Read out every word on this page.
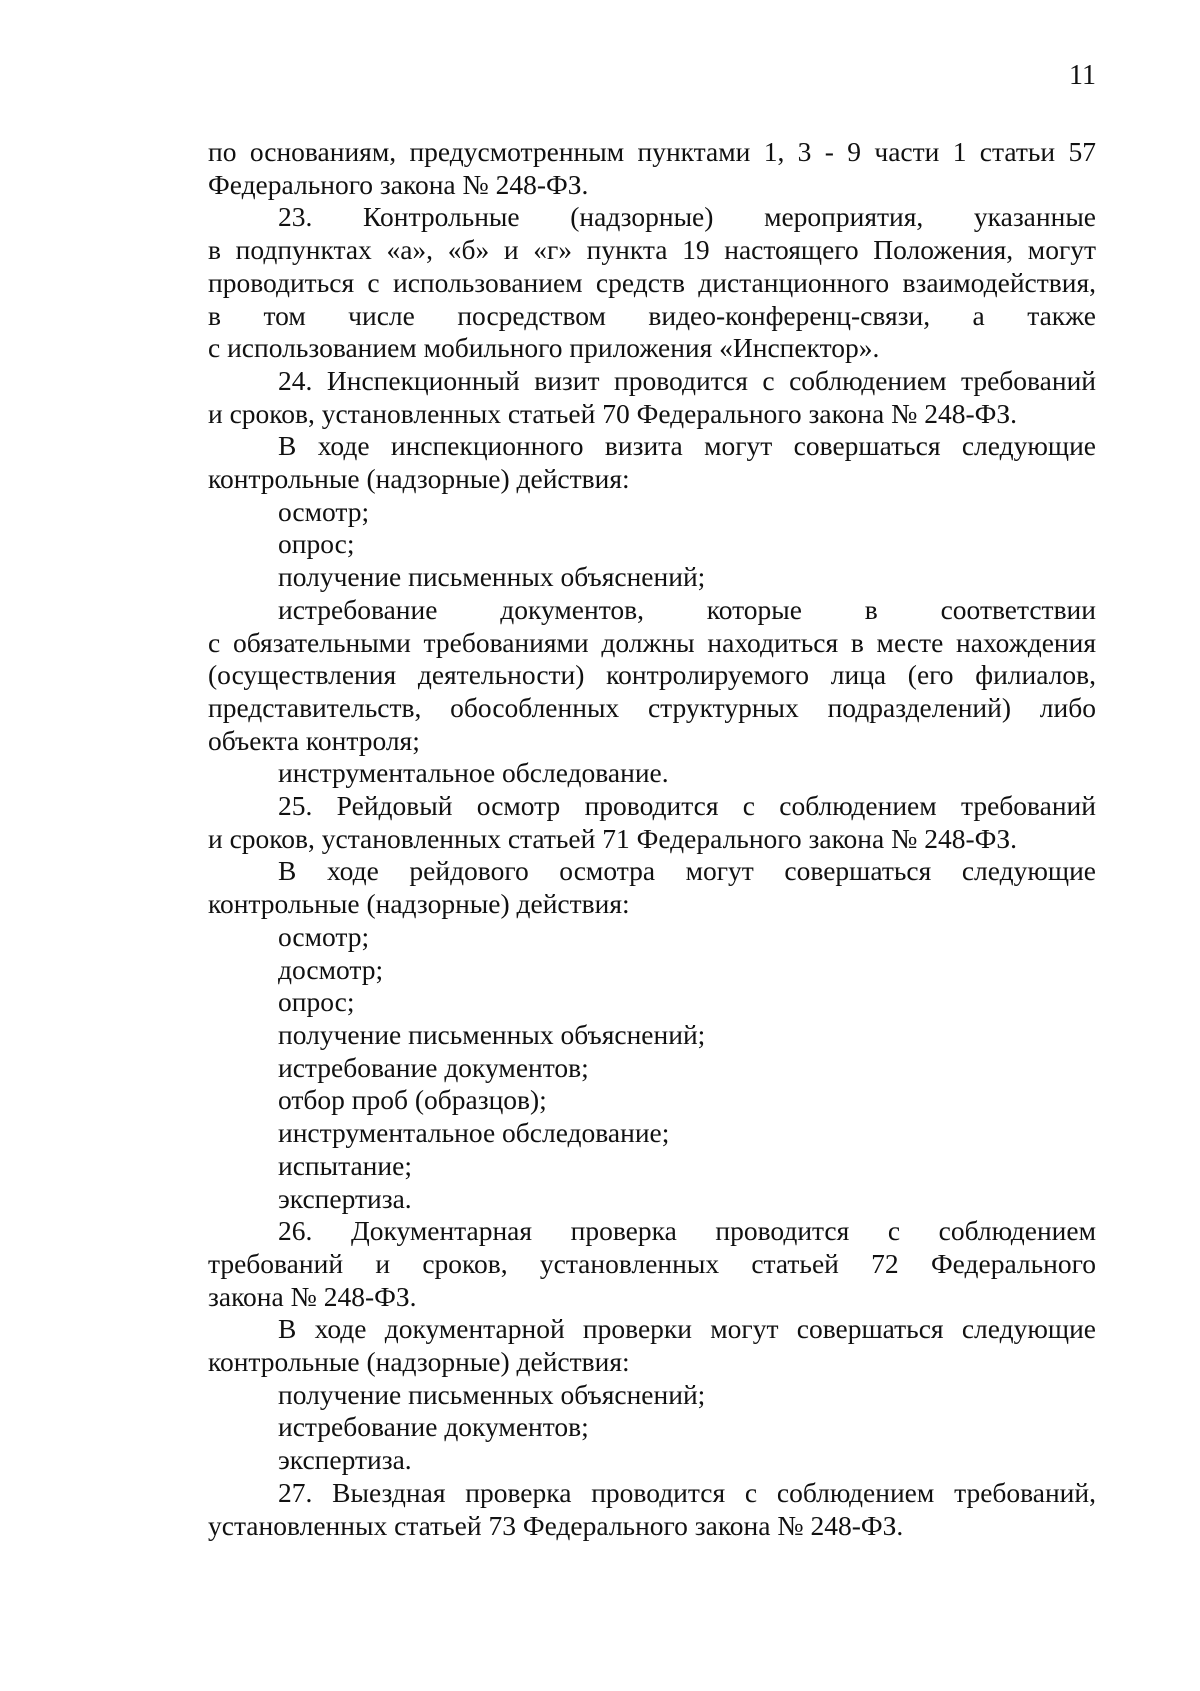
11

по основаниям, предусмотренным пунктами 1, 3 - 9 части 1 статьи 57

Федерального закона № 248-ФЗ.

23. Контрольные (надзорные) мероприятия, указанные

в подпунктах «а», «б» и «г» пункта 19 настоящего Положения, могут

проводиться с использованием средств дистанционного взаимодействия,

в том числе посредством видео-конференц-связи, а также

с использованием мобильного приложения «Инспектор».

24. Инспекционный визит проводится с соблюдением требований

и сроков, установленных статьей 70 Федерального закона № 248-ФЗ.

В ходе инспекционного визита могут совершаться следующие

контрольные (надзорные) действия:

осмотр;

опрос;

получение письменных объяснений;

истребование документов, которые в соответствии

с обязательными требованиями должны находиться в месте нахождения

(осуществления деятельности) контролируемого лица (его филиалов,

представительств, обособленных структурных подразделений) либо

объекта контроля;

инструментальное обследование.

25. Рейдовый осмотр проводится с соблюдением требований

и сроков, установленных статьей 71 Федерального закона № 248-ФЗ.

В ходе рейдового осмотра могут совершаться следующие

контрольные (надзорные) действия:

осмотр;

досмотр;

опрос;

получение письменных объяснений;

истребование документов;

отбор проб (образцов);

инструментальное обследование;

испытание;

экспертиза.

26. Документарная проверка проводится с соблюдением

требований и сроков, установленных статьей 72 Федерального

закона № 248-ФЗ.

В ходе документарной проверки могут совершаться следующие

контрольные (надзорные) действия:

получение письменных объяснений;

истребование документов;

экспертиза.

27. Выездная проверка проводится с соблюдением требований,

установленных статьей 73 Федерального закона № 248-ФЗ.
